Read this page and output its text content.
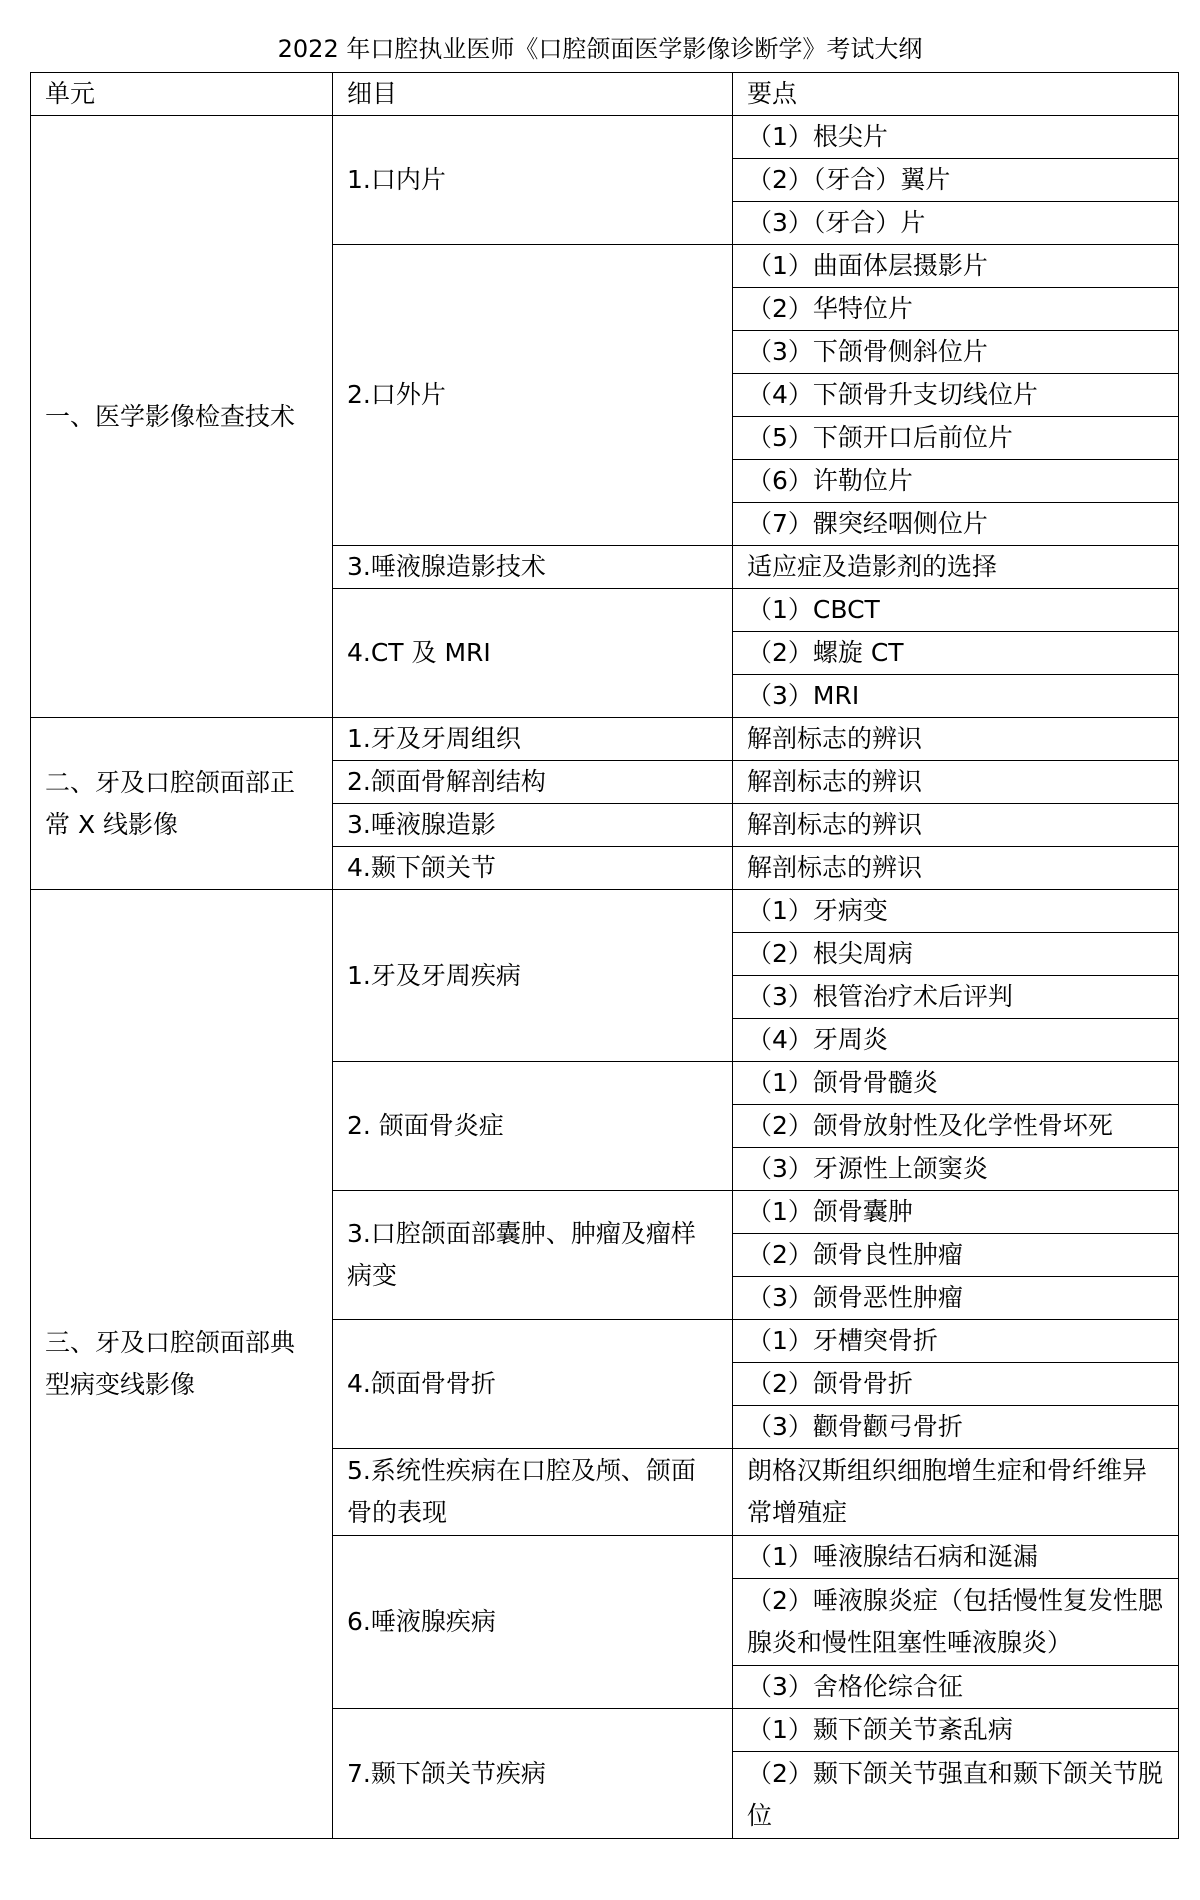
2022 年口腔执业医师《口腔颌面医学影像诊断学》考试大纲
单元	细目	要点
一、医学影像检查技术	1.口内片	（1）根尖片
		（2）（牙合）翼片
		（3）（牙合）片
	2.口外片	（1）曲面体层摄影片
		（2）华特位片
		（3）下颌骨侧斜位片
		（4）下颌骨升支切线位片
		（5）下颌开口后前位片
		（6）许勒位片
		（7）髁突经咽侧位片
	3.唾液腺造影技术	适应症及造影剂的选择
	4.CT 及 MRI	（1）CBCT
		（2）螺旋 CT
		（3）MRI
二、牙及口腔颌面部正常 X 线影像	1.牙及牙周组织	解剖标志的辨识
	2.颌面骨解剖结构	解剖标志的辨识
	3.唾液腺造影	解剖标志的辨识
	4.颞下颌关节	解剖标志的辨识
三、牙及口腔颌面部典型病变线影像	1.牙及牙周疾病	（1）牙病变
		（2）根尖周病
		（3）根管治疗术后评判
		（4）牙周炎
	2. 颌面骨炎症	（1）颌骨骨髓炎
		（2）颌骨放射性及化学性骨坏死
		（3）牙源性上颌窦炎
	3.口腔颌面部囊肿、肿瘤及瘤样病变	（1）颌骨囊肿
		（2）颌骨良性肿瘤
		（3）颌骨恶性肿瘤
	4.颌面骨骨折	（1）牙槽突骨折
		（2）颌骨骨折
		（3）颧骨颧弓骨折
	5.系统性疾病在口腔及颅、颌面骨的表现	朗格汉斯组织细胞增生症和骨纤维异常增殖症
	6.唾液腺疾病	（1）唾液腺结石病和涎漏
		（2）唾液腺炎症（包括慢性复发性腮腺炎和慢性阻塞性唾液腺炎）
		（3）舍格伦综合征
	7.颞下颌关节疾病	（1）颞下颌关节紊乱病
		（2）颞下颌关节强直和颞下颌关节脱位
